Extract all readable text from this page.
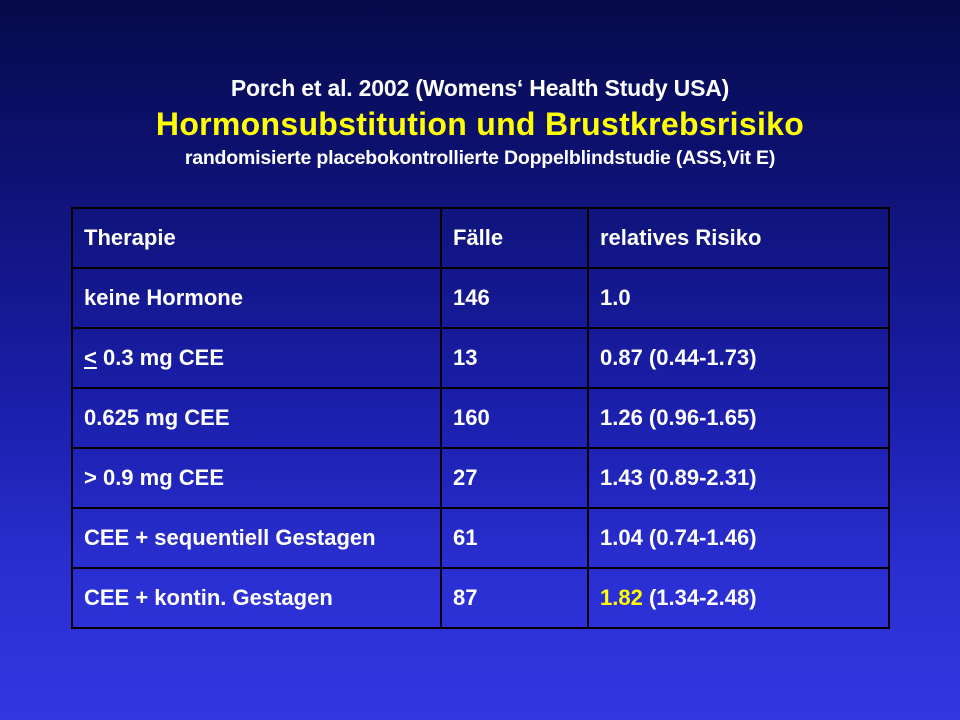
Porch et al. 2002 (Womens‘ Health Study USA)
Hormonsubstitution und Brustkrebsrisiko
randomisierte placebokontrollierte Doppelblindstudie (ASS,Vit E)
Therapie	Fälle	relatives Risiko
keine Hormone	146	1.0
≤ 0.3 mg CEE	13	0.87 (0.44-1.73)
0.625 mg CEE	160	1.26 (0.96-1.65)
> 0.9 mg CEE	27	1.43 (0.89-2.31)
CEE + sequentiell Gestagen	61	1.04 (0.74-1.46)
CEE + kontin. Gestagen	87	1.82 (1.34-2.48)
